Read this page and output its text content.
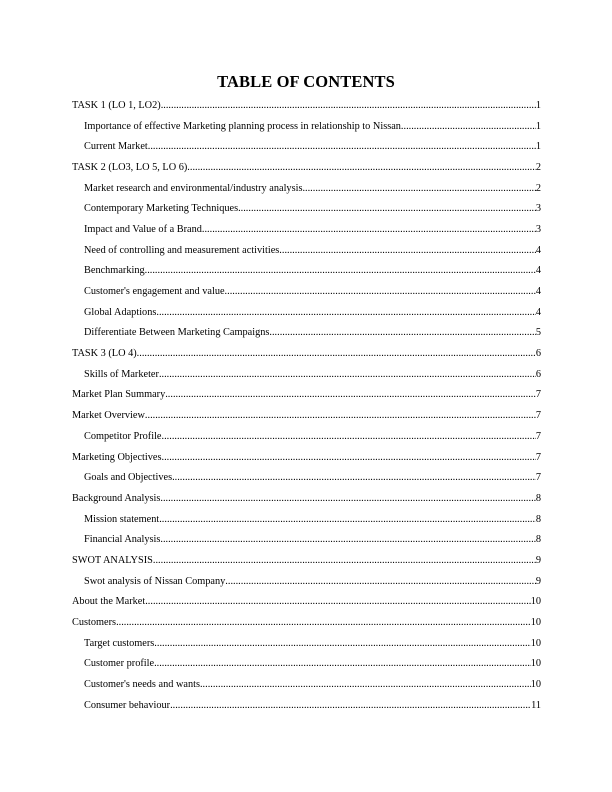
TABLE OF CONTENTS
TASK 1 (LO 1, LO2) .....	1
Importance of effective Marketing planning process in relationship to Nissan .....	1
Current Market .....	1
TASK 2 (LO3, LO 5, LO 6) .....	2
Market research and environmental/industry analysis .....	2
Contemporary Marketing Techniques .....	3
Impact and Value of a Brand .....	3
Need of controlling and measurement activities .....	4
Benchmarking .....	4
Customer's engagement and value .....	4
Global Adaptions .....	4
Differentiate Between Marketing Campaigns .....	5
TASK 3 (LO 4) .....	6
Skills of Marketer .....	6
Market Plan Summary .....	7
Market Overview .....	7
Competitor Profile .....	7
Marketing Objectives .....	7
Goals and Objectives .....	7
Background Analysis .....	8
Mission statement .....	8
Financial Analysis .....	8
SWOT ANALYSIS .....	9
Swot analysis of Nissan Company .....	9
About the Market .....	10
Customers .....	10
Target customers .....	10
Customer profile .....	10
Customer's needs and wants .....	10
Consumer behaviour .....	11
